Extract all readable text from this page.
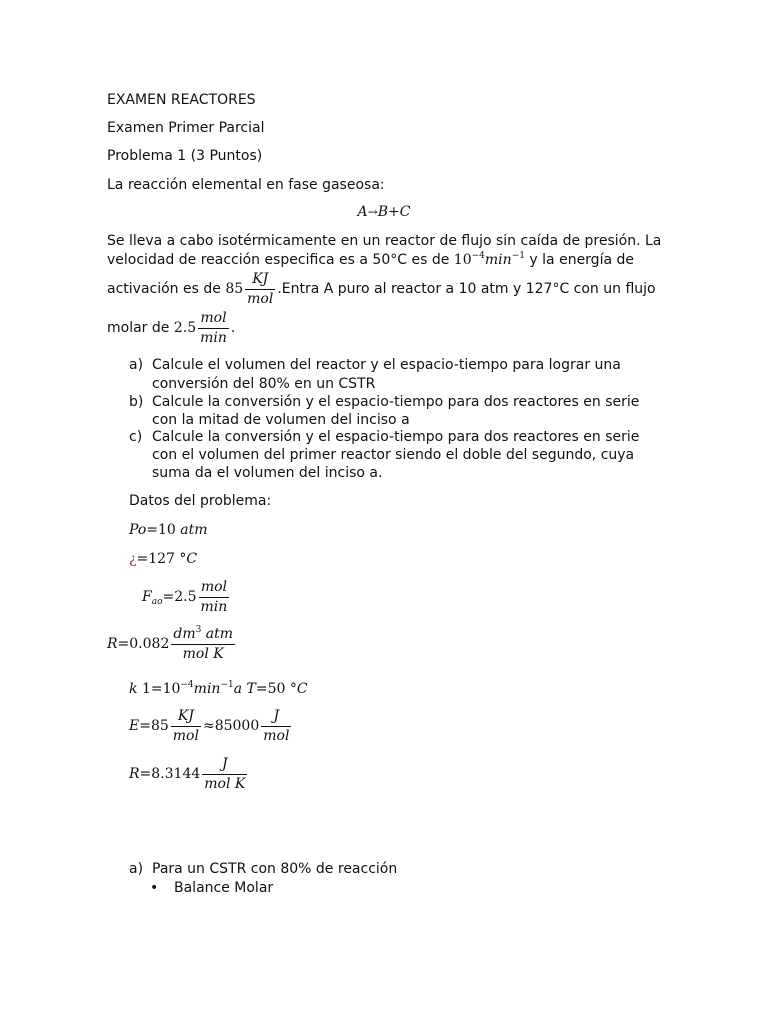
EXAMEN REACTORES
Examen Primer Parcial
Problema 1 (3 Puntos)
La reacción elemental en fase gaseosa:
A→B+C
Se lleva a cabo isotérmicamente en un reactor de flujo sin caída de presión. La
velocidad de reacción especifica es a 50°C es de $10^{-4}\min^{-1}$ y la energía de
activación es de $85 \frac{KJ}{\text{mol}}$ .Entra A puro al reactor a 10 atm y 127°C con un flujo
molar de $2.5 \frac{\text{mol}}{\min}$ .
a) Calcule el volumen del reactor y el espacio-tiempo para lograr una
conversión del 80% en un CSTR
b) Calcule la conversión y el espacio-tiempo para dos reactores en serie
con la mitad de volumen del inciso a
c) Calcule la conversión y el espacio-tiempo para dos reactores en serie
con el volumen del primer reactor siendo el doble del segundo, cuya
suma da el volumen del inciso a.
Datos del problema:
Po=10 atm
¿=127 °C
$F_{ao}=2.5 \frac{\text{mol}}{\min}$
$R=0.082 \frac{dm^3 atm}{\text{mol K}}$
k $1=10^{-4}\min^{-1}a$ T=50 °C
$E=85 \frac{KJ}{\text{mol}} \approx 85000 \frac{J}{\text{mol}}$
$R=8.3144 \frac{J}{\text{mol K}}$
a) Para un CSTR con 80% de reacción
• Balance Molar
